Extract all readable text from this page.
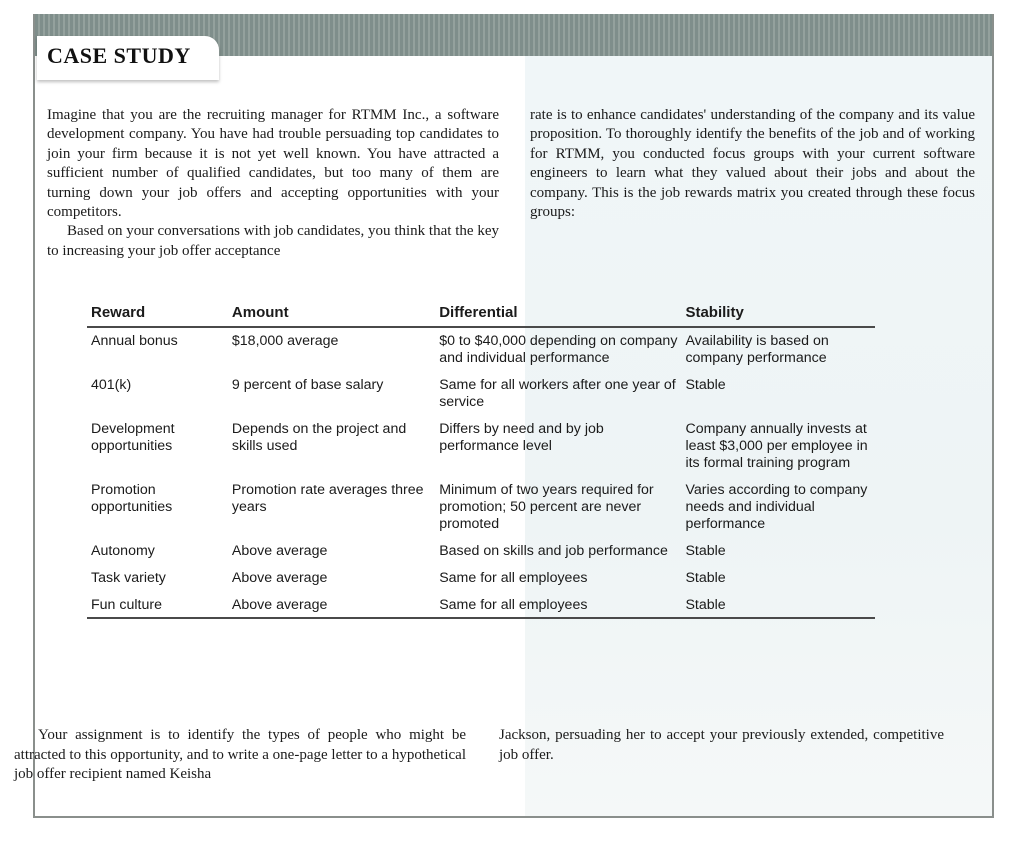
CASE STUDY

Imagine that you are the recruiting manager for RTMM Inc., a software development company. You have had trouble persuading top candidates to join your firm because it is not yet well known. You have attracted a sufficient number of qualified candidates, but too many of them are turning down your job offers and accepting opportunities with your competitors.

Based on your conversations with job candidates, you think that the key to increasing your job offer acceptance

rate is to enhance candidates' understanding of the company and its value proposition. To thoroughly identify the benefits of the job and of working for RTMM, you conducted focus groups with your current software engineers to learn what they valued about their jobs and about the company. This is the job rewards matrix you created through these focus groups:

Reward	Amount	Differential	Stability
Annual bonus	$18,000 average	$0 to $40,000 depending on company and individual performance	Availability is based on company performance
401(k)	9 percent of base salary	Same for all workers after one year of service	Stable
Development opportunities	Depends on the project and skills used	Differs by need and by job performance level	Company annually invests at least $3,000 per employee in its formal training program
Promotion opportunities	Promotion rate averages three years	Minimum of two years required for promotion; 50 percent are never promoted	Varies according to company needs and individual performance
Autonomy	Above average	Based on skills and job performance	Stable
Task variety	Above average	Same for all employees	Stable
Fun culture	Above average	Same for all employees	Stable
Your assignment is to identify the types of people who might be attracted to this opportunity, and to write a one-page letter to a hypothetical job offer recipient named Keisha
Jackson, persuading her to accept your previously extended, competitive job offer.
